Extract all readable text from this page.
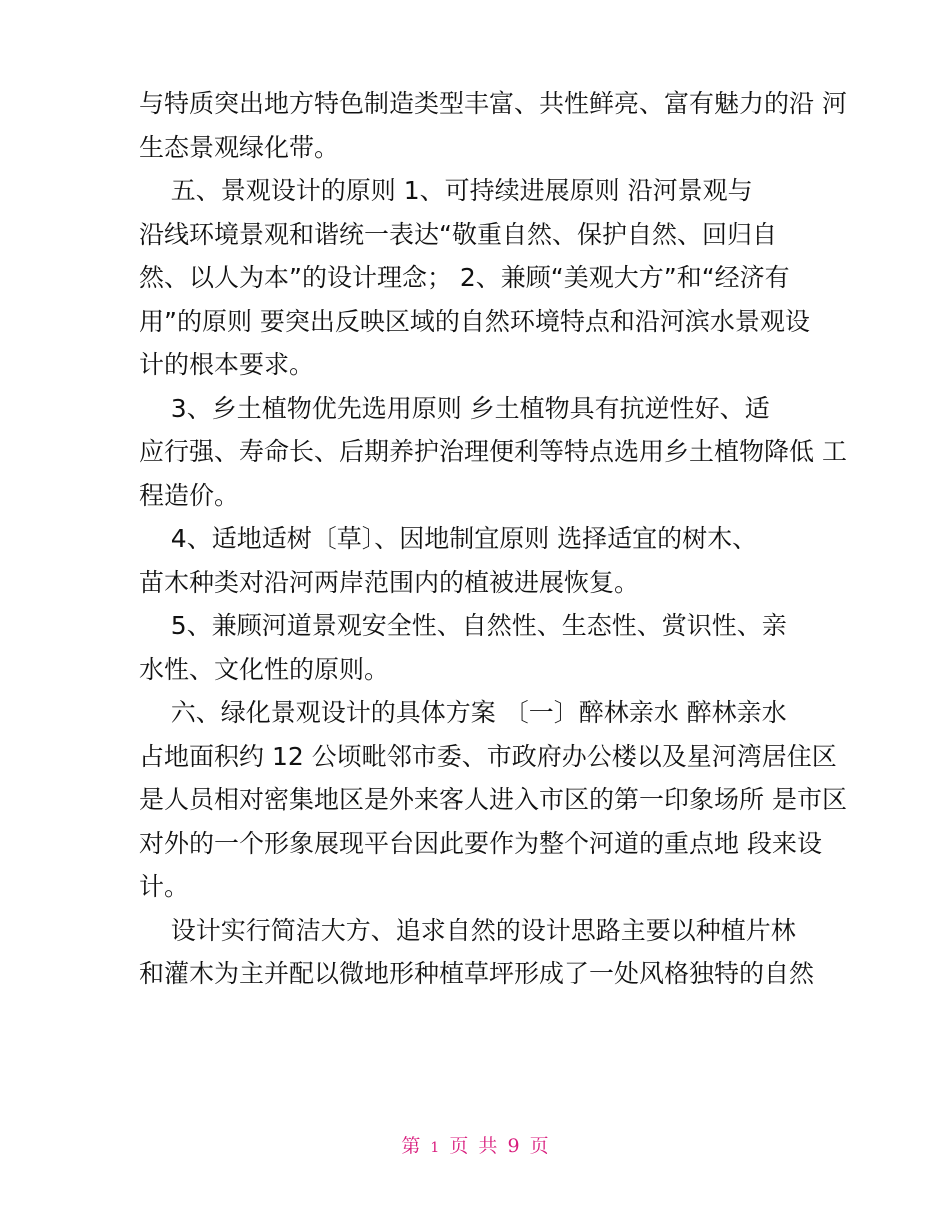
与特质突出地方特色制造类型丰富、共性鲜亮、富有魅力的沿 河
生态景观绿化带。
五、景观设计的原则 1、可持续进展原则 沿河景观与
沿线环境景观和谐统一表达“敬重自然、保护自然、回归自
然、以人为本”的设计理念； 2、兼顾“美观大方”和“经济有
用”的原则 要突出反映区域的自然环境特点和沿河滨水景观设
计的根本要求。
3、乡土植物优先选用原则 乡土植物具有抗逆性好、适
应行强、寿命长、后期养护治理便利等特点选用乡土植物降低 工
程造价。
4、适地适树〔草〕、因地制宜原则 选择适宜的树木、
苗木种类对沿河两岸范围内的植被进展恢复。
5、兼顾河道景观安全性、自然性、生态性、赏识性、亲
水性、文化性的原则。
六、绿化景观设计的具体方案 〔一〕醉林亲水 醉林亲水
占地面积约 12 公顷毗邻市委、市政府办公楼以及星河湾居住区
是人员相对密集地区是外来客人进入市区的第一印象场所 是市区
对外的一个形象展现平台因此要作为整个河道的重点地 段来设
计。
设计实行简洁大方、追求自然的设计思路主要以种植片林
和灌木为主并配以微地形种植草坪形成了一处风格独特的自然
第 1 页 共 9 页
